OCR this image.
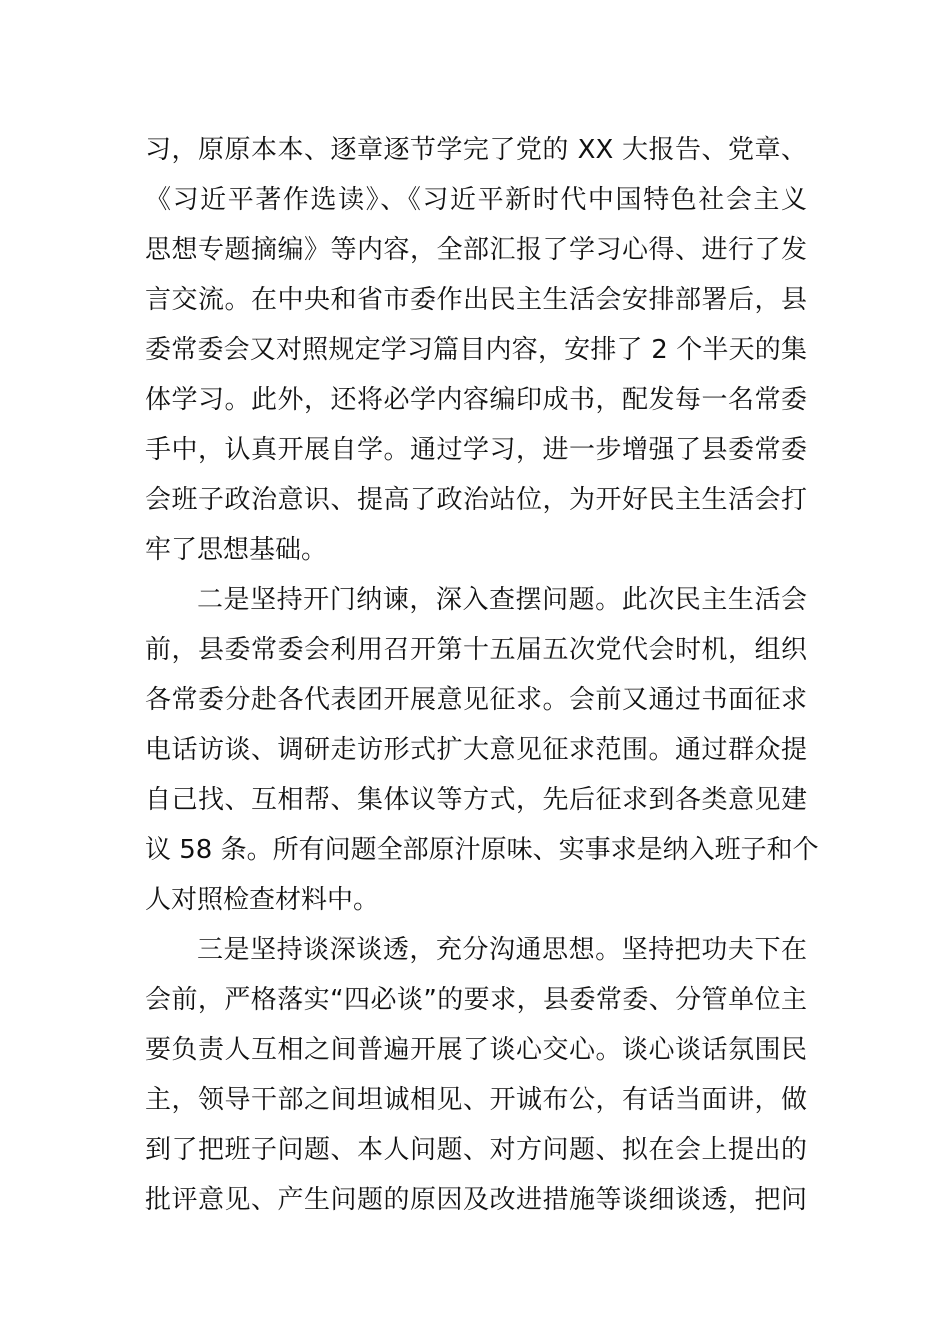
习，原原本本、逐章逐节学完了党的 XX 大报告、党章、
《习近平著作选读》、《习近平新时代中国特色社会主义
思想专题摘编》等内容，全部汇报了学习心得、进行了发
言交流。在中央和省市委作出民主生活会安排部署后，县
委常委会又对照规定学习篇目内容，安排了 2 个半天的集
体学习。此外，还将必学内容编印成书，配发每一名常委
手中，认真开展自学。通过学习，进一步增强了县委常委
会班子政治意识、提高了政治站位，为开好民主生活会打
牢了思想基础。
二是坚持开门纳谏，深入查摆问题。此次民主生活会
前，县委常委会利用召开第十五届五次党代会时机，组织
各常委分赴各代表团开展意见征求。会前又通过书面征求
电话访谈、调研走访形式扩大意见征求范围。通过群众提
自己找、互相帮、集体议等方式，先后征求到各类意见建
议 58 条。所有问题全部原汁原味、实事求是纳入班子和个
人对照检查材料中。
三是坚持谈深谈透，充分沟通思想。坚持把功夫下在
会前，严格落实“四必谈”的要求，县委常委、分管单位主
要负责人互相之间普遍开展了谈心交心。谈心谈话氛围民
主，领导干部之间坦诚相见、开诚布公，有话当面讲，做
到了把班子问题、本人问题、对方问题、拟在会上提出的
批评意见、产生问题的原因及改进措施等谈细谈透，把问
